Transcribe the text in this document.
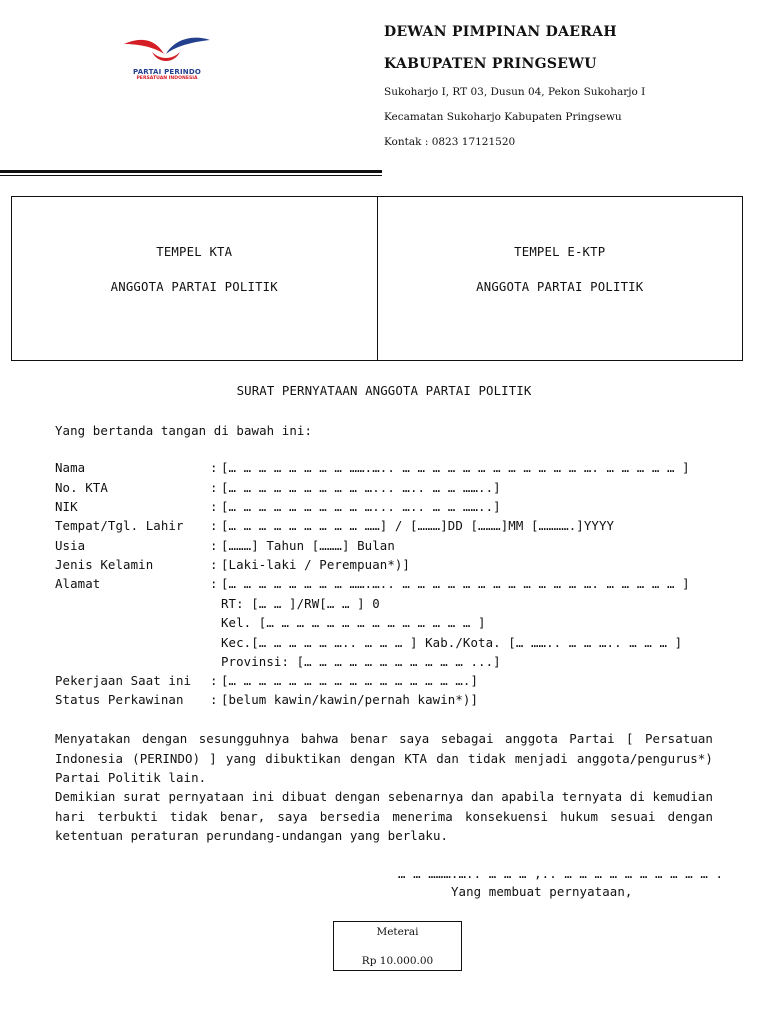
PARTAI PERINDO
PERSATUAN INDONESIA
DEWAN PIMPINAN DAERAH
KABUPATEN PRINGSEWU
Sukoharjo I, RT 03, Dusun 04, Pekon Sukoharjo I
Kecamatan Sukoharjo Kabupaten Pringsewu
Kontak : 0823 17121520
TEMPEL KTA
ANGGOTA PARTAI POLITIK
TEMPEL E-KTP
ANGGOTA PARTAI POLITIK
SURAT PERNYATAAN ANGGOTA PARTAI POLITIK
Yang bertanda tangan di bawah ini:
Nama	: [… … … … … … … … …….….. … … … … … … … … … … … … …. … … … … … ]
No. KTA	: [… … … … … … … … … …... ….. … … ……..]
NIK	: [… … … … … … … … … …... ….. … … ……..]
Tempat/Tgl. Lahir : [… … … … … … … … … ……] / [………]DD [………]MM [………….]YYYY
Usia	: [………] Tahun [………] Bulan
Jenis Kelamin	: [Laki-laki / Perempuan*)]
Alamat	: [… … … … … … … … …….….. … … … … … … … … … … … … …. … … … … … ]
RT: [… … ]/RW[… … ] 0
Kel. [… … … … … … … … … … … … … … ]
Kec.[… … … … … ….. … … … ] Kab./Kota. [… …….. … … ….. … … … ]
Provinsi: [… … … … … … … … … … … ...]
Pekerjaan Saat ini : [… … … … … … … … … … … … … … … ….]
Status Perkawinan : [belum kawin/kawin/pernah kawin*)]
Menyatakan dengan sesungguhnya bahwa benar saya sebagai anggota Partai [ Persatuan Indonesia (PERINDO) ] yang dibuktikan dengan KTA dan tidak menjadi anggota/pengurus*) Partai Politik lain.
Demikian surat pernyataan ini dibuat dengan sebenarnya dan apabila ternyata di kemudian hari terbukti tidak benar, saya bersedia menerima konsekuensi hukum sesuai dengan ketentuan peraturan perundang-undangan yang berlaku.
… … ……….….. … … … ,.. … … … … … … … … … … .
Yang membuat pernyataan,
Meterai
Rp 10.000.00
